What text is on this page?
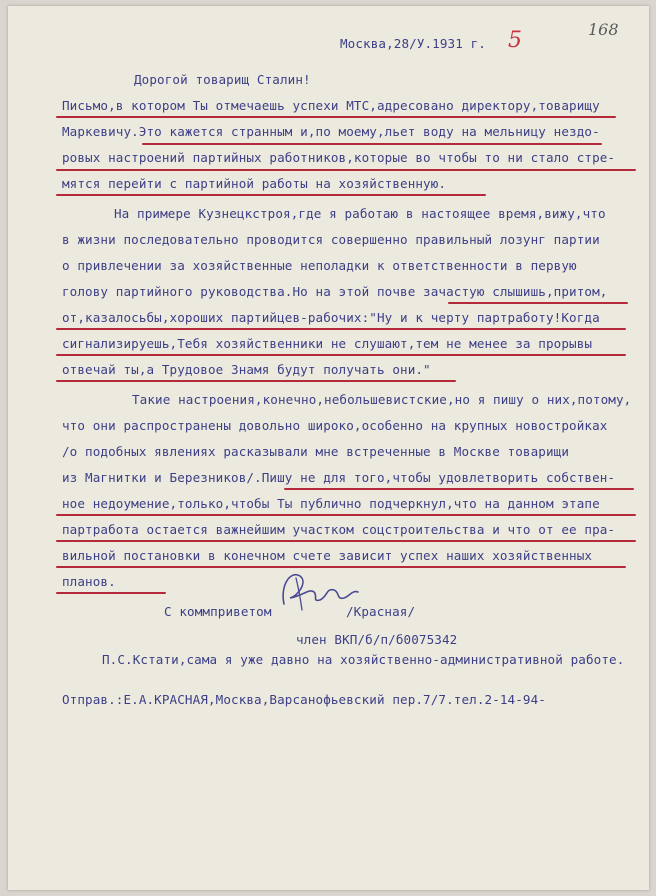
Москва,28/У.1931 г. 5	168
Дорогой товарищ Сталин!
Письмо,в котором Ты отмечаешь успехи МТС,адресовано директору,товарищу
Маркевичу.Это кажется странным и,по моему,льет воду на мельницу нездо-
ровых настроений партийных работников,которые во чтобы то ни стало стре-
мятся перейти с партийной работы на хозяйственную.
На примере Кузнецкстроя,где я работаю в настоящее время,вижу,что
в жизни последовательно проводится совершенно правильный лозунг партии
о привлечении за хозяйственные неполадки к ответственности в первую
голову партийного руководства.Но на этой почве зачастую слышишь,притом,
от,казалосьбы,хороших партийцев-рабочих:"Ну и к черту партработу!Когда
сигнализируешь,Тебя хозяйственники не слушают,тем не менее за прорывы
отвечай ты,а Трудовое Знамя будут получать они."
Такие настроения,конечно,небольшевистские,но я пишу о них,потому,
что они распространены довольно широко,особенно на крупных новостройках
/о подобных явлениях расказывали мне встреченные в Москве товарищи
из Магнитки и Березников/.Пишу не для того,чтобы удовлетворить собствен-
ное недоумение,только,чтобы Ты публично подчеркнул,что на данном этапе
партработа остается важнейшим участком соцстроительства и что от ее пра-
вильной постановки в конечном счете зависит успех наших хозяйственных
планов.
С коммприветом	/Красная/
член ВКП/б/п/б0075342
П.С.Кстати,сама я уже давно на хозяйственно-административной работе.
Отправ.:Е.А.КРАСНАЯ,Москва,Варсанофьевский пер.7/7.тел.2-14-94-
